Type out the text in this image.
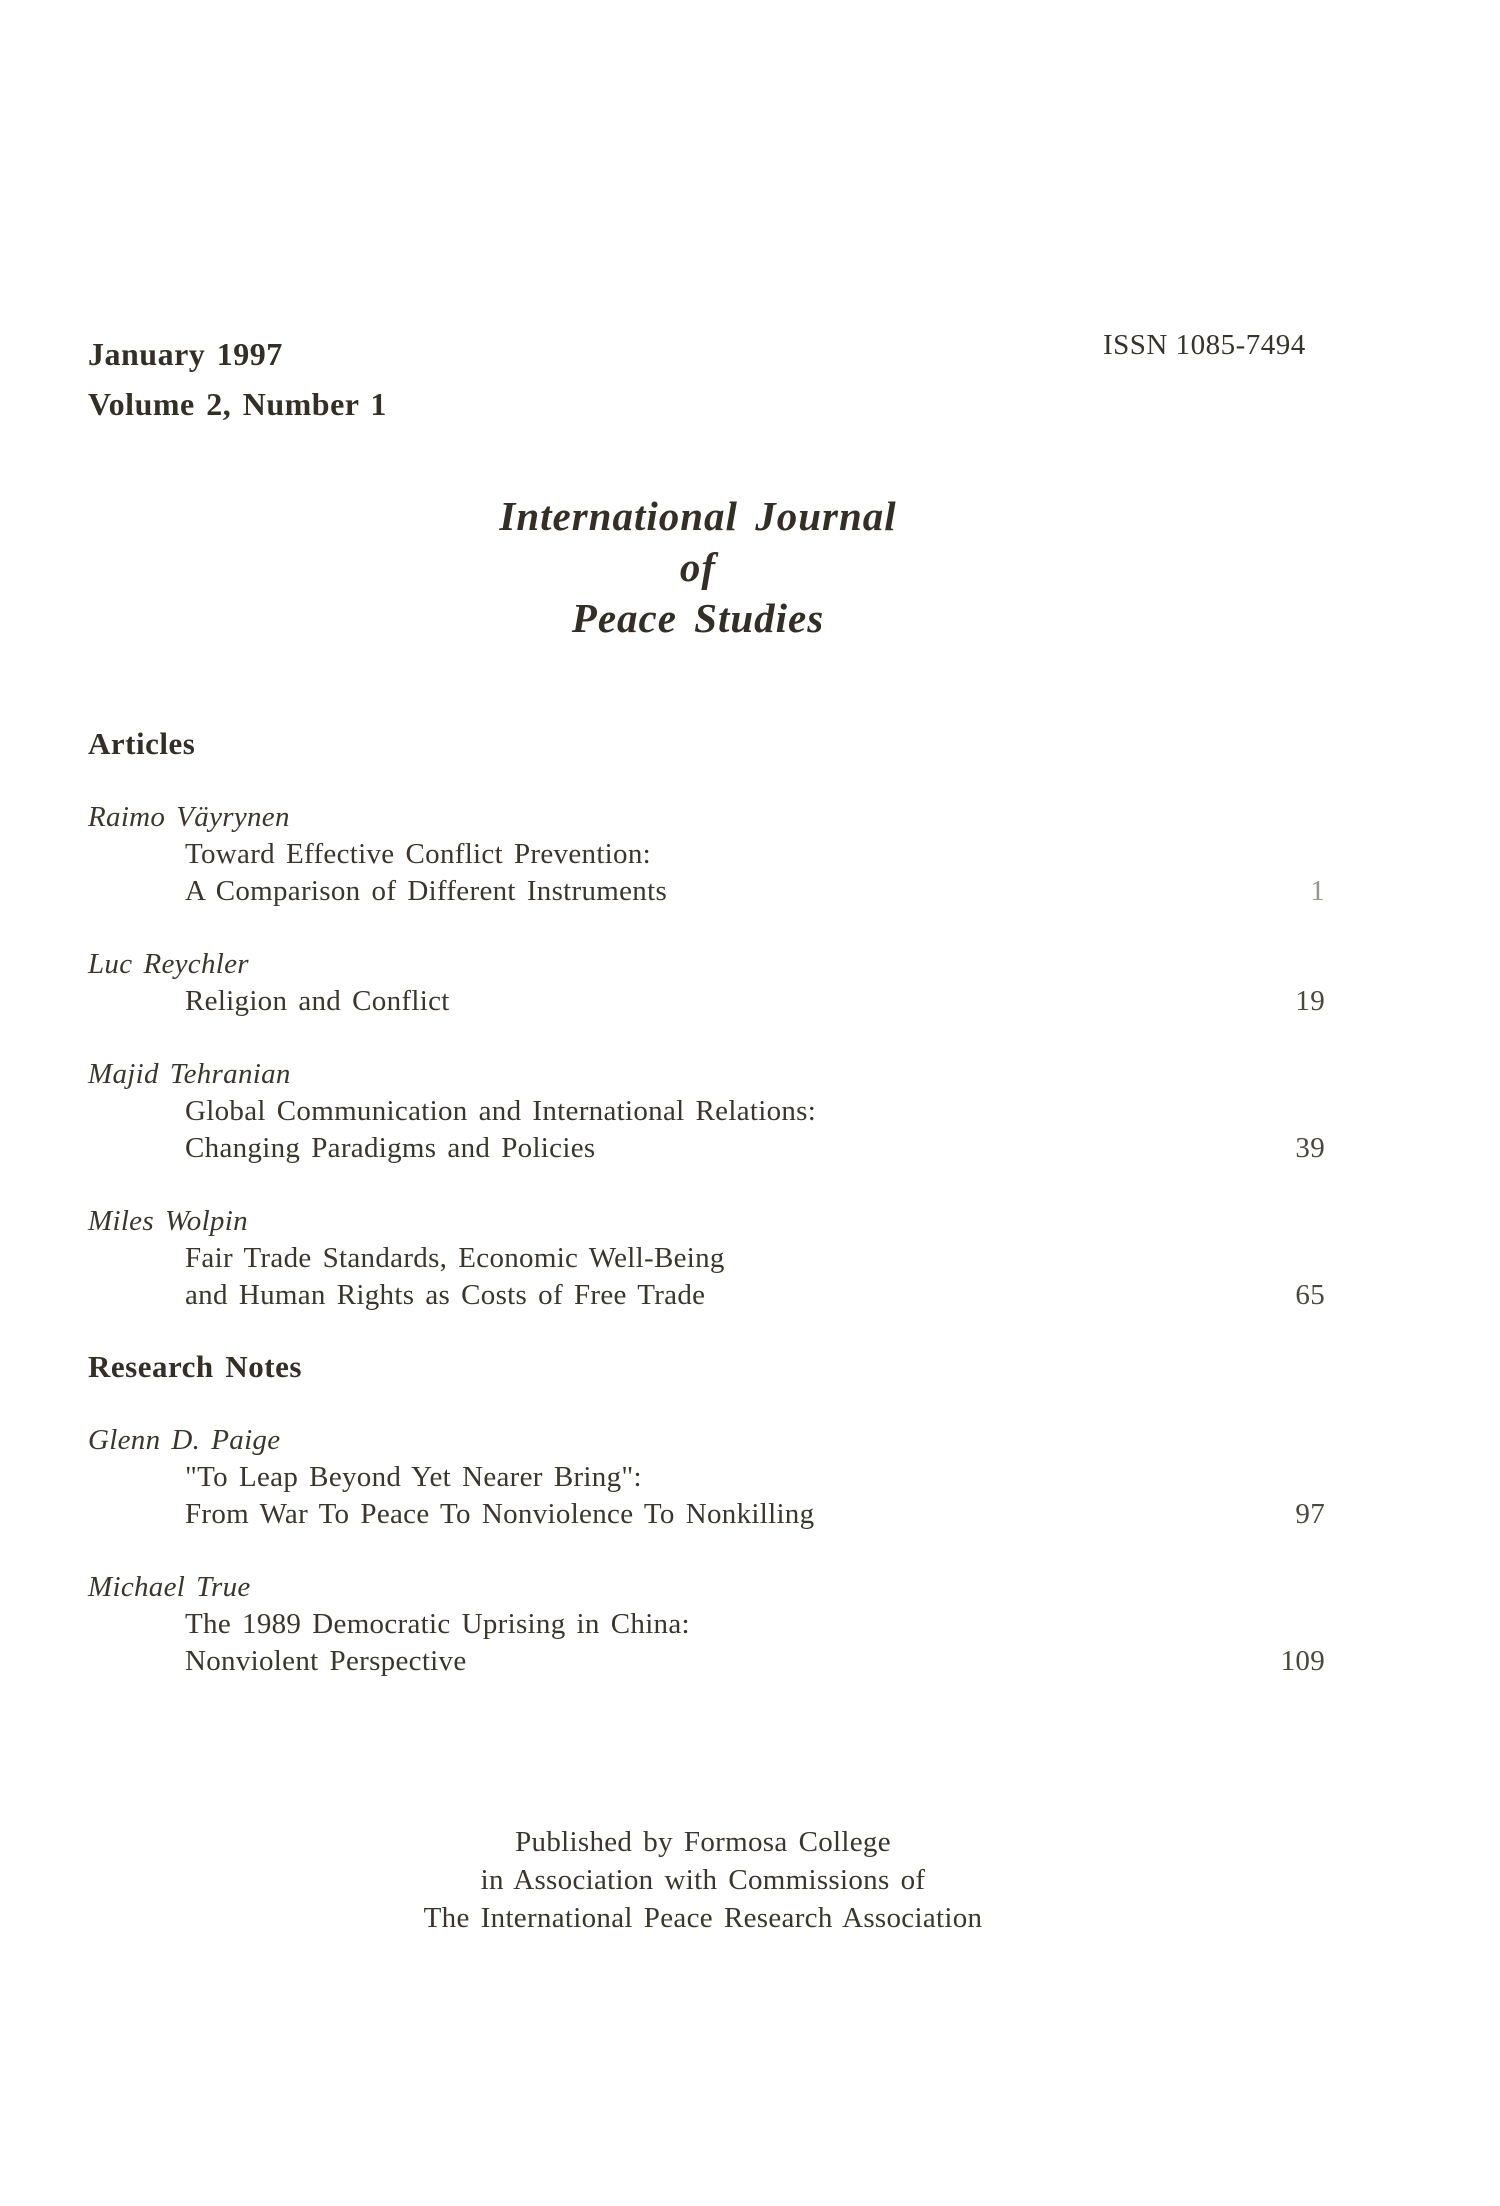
January 1997
Volume 2, Number 1
ISSN 1085-7494
International Journal
of
Peace Studies
Articles
Raimo Väyrynen
Toward Effective Conflict Prevention:
A Comparison of Different Instruments	1
Luc Reychler
Religion and Conflict	19
Majid Tehranian
Global Communication and International Relations:
Changing Paradigms and Policies	39
Miles Wolpin
Fair Trade Standards, Economic Well-Being
and Human Rights as Costs of Free Trade	65
Research Notes
Glenn D. Paige
"To Leap Beyond Yet Nearer Bring":
From War To Peace To Nonviolence To Nonkilling	97
Michael True
The 1989 Democratic Uprising in China:
Nonviolent Perspective	109
Published by Formosa College
in Association with Commissions of
The International Peace Research Association
